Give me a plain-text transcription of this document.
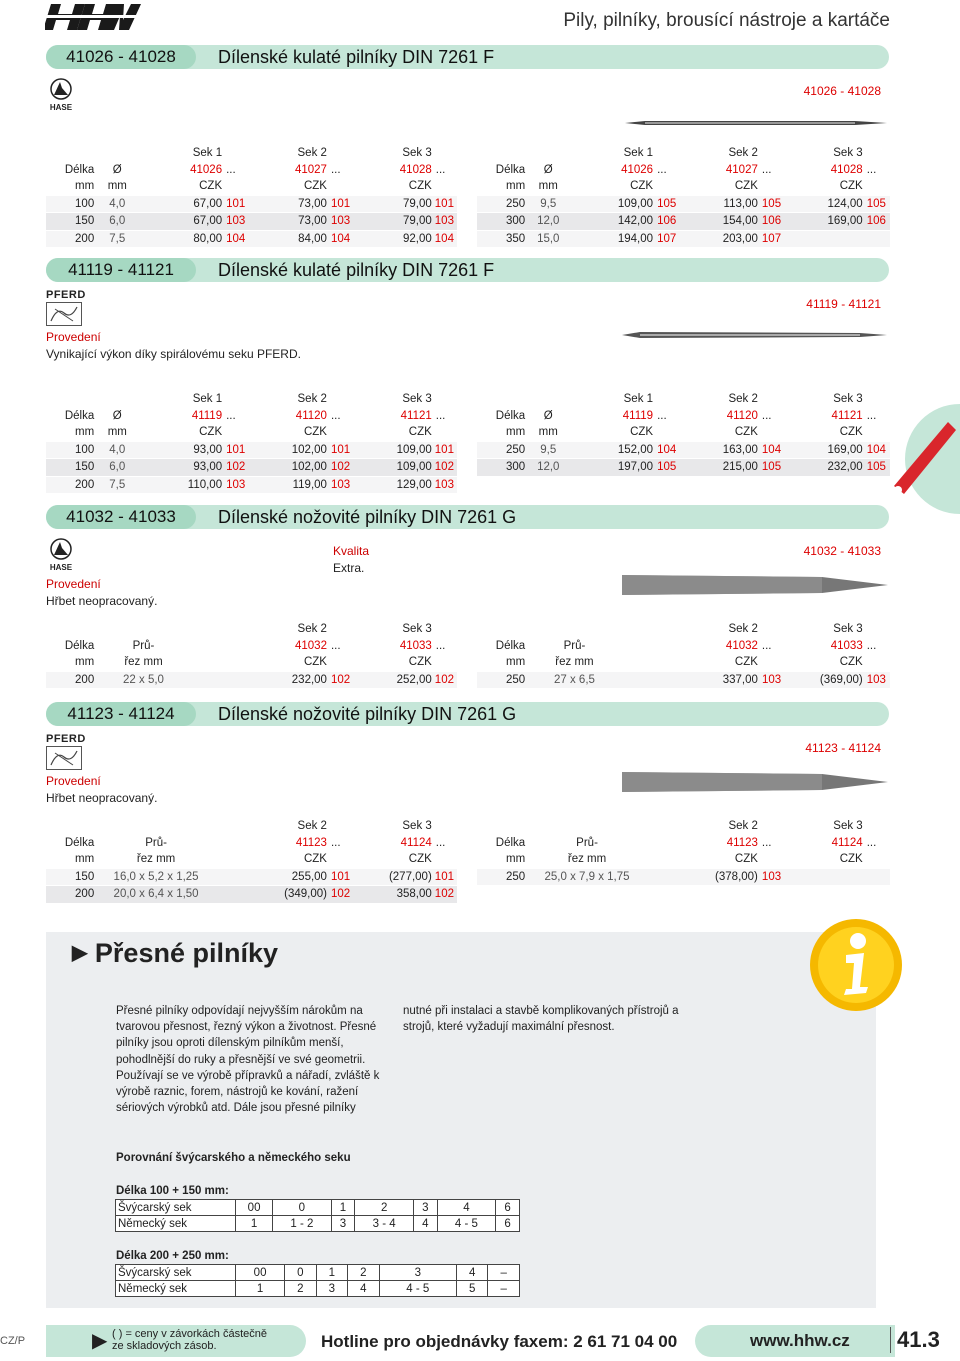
Pily, pilníky, brousící nástroje a kartáče
41026 - 41028	Dílenské kulaté pilníky DIN 7261 F
HASE
41026 - 41028
		Sek 1		Sek 2		Sek 3	
Délka	Ø	41026	...	41027	...	41028	...
mm	mm	CZK		CZK		CZK	
100	4,0	67,00	101	73,00	101	79,00	101
150	6,0	67,00	103	73,00	103	79,00	103
200	7,5	80,00	104	84,00	104	92,00	104
		Sek 1		Sek 2		Sek 3	
Délka	Ø	41026	...	41027	...	41028	...
mm	mm	CZK		CZK		CZK	
250	9,5	109,00	105	113,00	105	124,00	105
300	12,0	142,00	106	154,00	106	169,00	106
350	15,0	194,00	107	203,00	107		
41119 - 41121	Dílenské kulaté pilníky DIN 7261 F
PFERD
41119 - 41121
Provedení
Vynikající výkon díky spirálovému seku PFERD.
		Sek 1		Sek 2		Sek 3	
Délka	Ø	41119	...	41120	...	41121	...
mm	mm	CZK		CZK		CZK	
100	4,0	93,00	101	102,00	101	109,00	101
150	6,0	93,00	102	102,00	102	109,00	102
200	7,5	110,00	103	119,00	103	129,00	103
		Sek 1		Sek 2		Sek 3	
Délka	Ø	41119	...	41120	...	41121	...
mm	mm	CZK		CZK		CZK	
250	9,5	152,00	104	163,00	104	169,00	104
300	12,0	197,00	105	215,00	105	232,00	105
41032 - 41033	Dílenské nožovité pilníky DIN 7261 G
HASE
Kvalita
Extra.
41032 - 41033
Provedení
Hřbet neopracovaný.
		Sek 2		Sek 3	
Délka	Prů-	41032	...	41033	...
mm	řez mm	CZK		CZK	
200	22 x 5,0	232,00	102	252,00	102
		Sek 2		Sek 3	
Délka	Prů-	41032	...	41033	...
mm	řez mm	CZK		CZK	
250	27 x 6,5	337,00	103	(369,00)	103
41123 - 41124	Dílenské nožovité pilníky DIN 7261 G
PFERD
41123 - 41124
Provedení
Hřbet neopracovaný.
		Sek 2		Sek 3	
Délka	Prů-	41123	...	41124	...
mm	řez mm	CZK		CZK	
150	16,0 x 5,2 x 1,25	255,00	101	(277,00)	101
200	20,0 x 6,4 x 1,50	(349,00)	102	358,00	102
		Sek 2		Sek 3	
Délka	Prů-	41123	...	41124	...
mm	řez mm	CZK		CZK	
250	25,0 x 7,9 x 1,75	(378,00)	103		
▶ Přesné pilníky
Přesné pilníky odpovídají nejvyšším nárokům na tvarovou přesnost, řezný výkon a životnost. Přesné pilníky jsou oproti dílenským pilníkům menší, pohodlnější do ruky a přesnější ve své geometrii. Používají se ve výrobě přípravků a nářadí, zvláště k výrobě raznic, forem, nástrojů ke kování, ražení sériových výrobků atd. Dále jsou přesné pilníky
nutné při instalaci a stavbě komplikovaných přístrojů a strojů, které vyžadují maximální přesnost.
Porovnání švýcarského a německého seku
Délka 100 + 150 mm:
Švýcarský sek	00	0	1	2	3	4	6
Německý sek	1	1 - 2	3	3 - 4	4	4 - 5	6
Délka 200 + 250 mm:
Švýcarský sek	00	0	1	2	3	4	–
Německý sek	1	2	3	4	4 - 5	5	–
CZ/P	▶ ( ) = ceny v závorkách částečně
ze skladových zásob.	Hotline pro objednávky faxem: 2 61 71 04 00	www.hhw.cz 41.3
